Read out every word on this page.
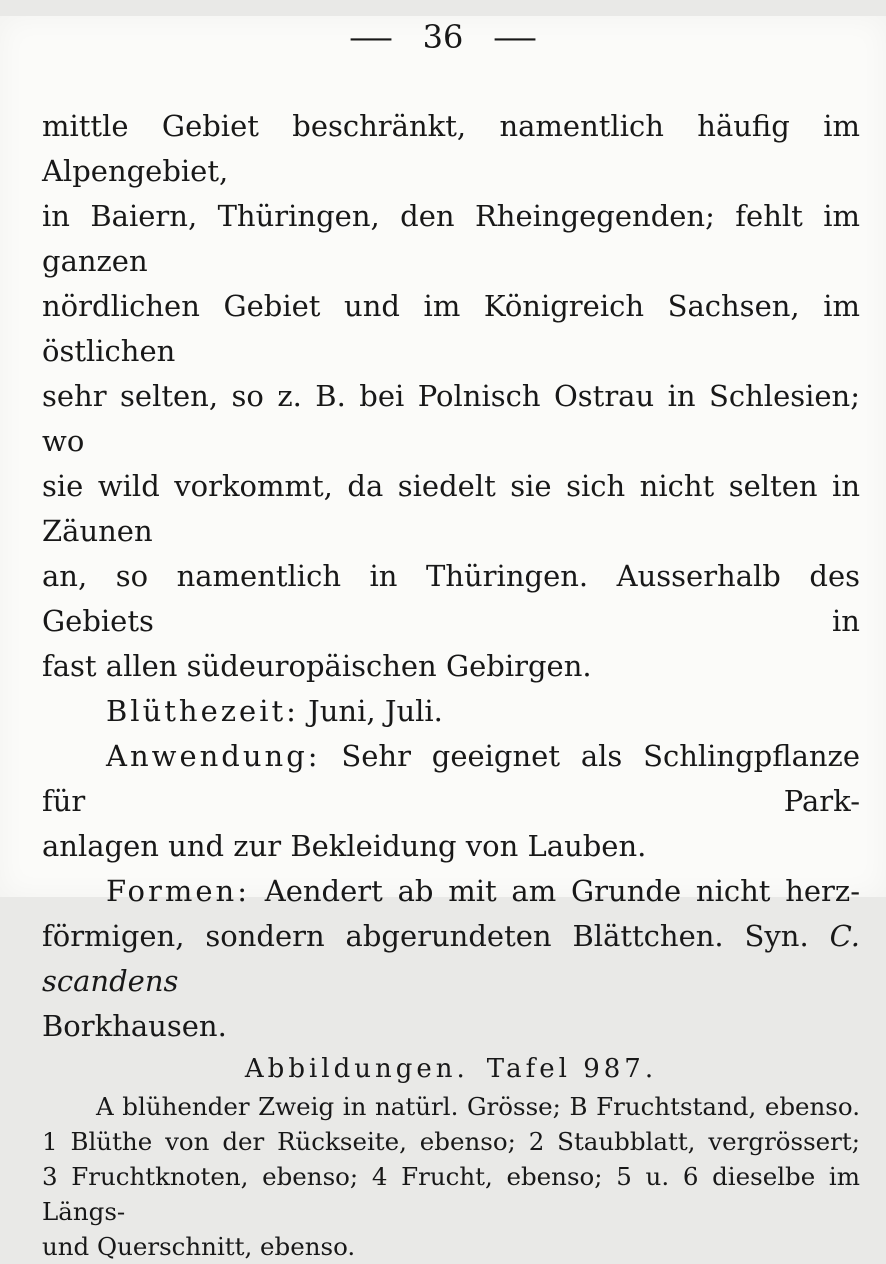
— 36 —
mittle Gebiet beschränkt, namentlich häufig im Alpengebiet,
in Baiern, Thüringen, den Rheingegenden; fehlt im ganzen
nördlichen Gebiet und im Königreich Sachsen, im östlichen
sehr selten, so z. B. bei Polnisch Ostrau in Schlesien; wo
sie wild vorkommt, da siedelt sie sich nicht selten in Zäunen
an, so namentlich in Thüringen. Ausserhalb des Gebiets in
fast allen südeuropäischen Gebirgen.
Blüthezeit: Juni, Juli.
Anwendung: Sehr geeignet als Schlingpflanze für Park-
anlagen und zur Bekleidung von Lauben.
Formen: Aendert ab mit am Grunde nicht herz-
förmigen, sondern abgerundeten Blättchen. Syn. C. scandens
Borkhausen.
Abbildungen. Tafel 987.
A blühender Zweig in natürl. Grösse; B Fruchtstand, ebenso.
1 Blüthe von der Rückseite, ebenso; 2 Staubblatt, vergrössert;
3 Fruchtknoten, ebenso; 4 Frucht, ebenso; 5 u. 6 dieselbe im Längs-
und Querschnitt, ebenso.
